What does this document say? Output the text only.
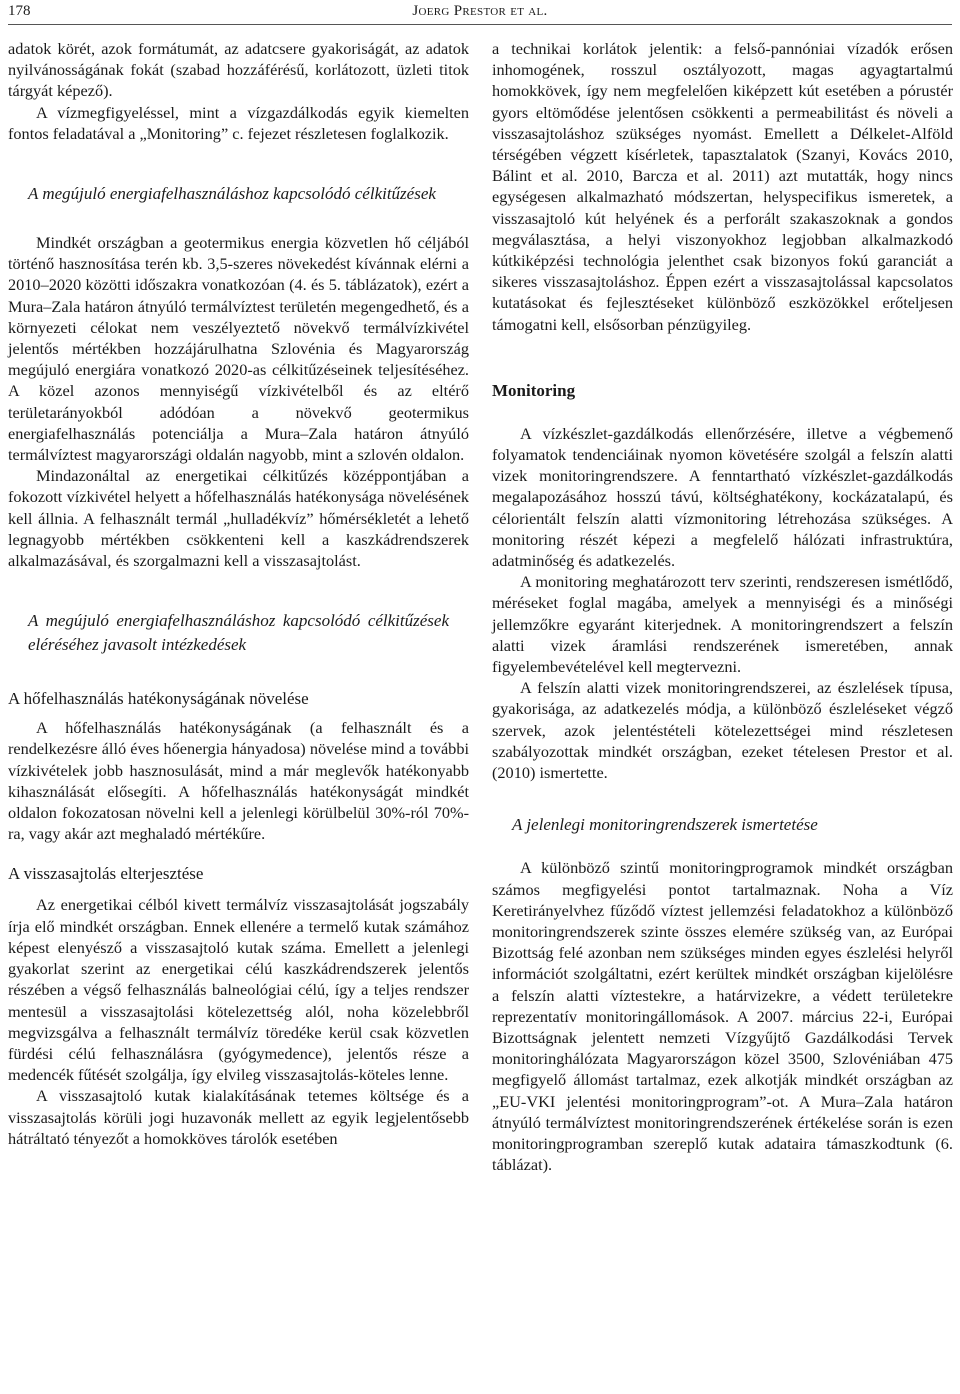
178	Joerg Prestor et al.

adatok körét, azok formátumát, az adatcsere gyakoriságát, az adatok nyilvánosságának fokát (szabad hozzáférésű, korlátozott, üzleti titok tárgyát képező).

A vízmegfigyeléssel, mint a vízgazdálkodás egyik kiemelten fontos feladatával a „Monitoring” c. fejezet részletesen foglalkozik.

A megújuló energiafelhasználáshoz kapcsolódó célkitűzések

Mindkét országban a geotermikus energia közvetlen hő céljából történő hasznosítása terén kb. 3,5-szeres növekedést kívánnak elérni a 2010–2020 közötti időszakra vonatkozóan (4. és 5. táblázatok), ezért a Mura–Zala határon átnyúló termálvíztest területén megengedhető, és a környezeti célokat nem veszélyeztető növekvő termálvízkivétel jelentős mértékben hozzájárulhatna Szlovénia és Magyarország megújuló energiára vonatkozó 2020-as célkitűzéseinek teljesítéséhez. A közel azonos mennyiségű vízkivételből és az eltérő területarányokból adódóan a növekvő geotermikus energiafelhasználás potenciálja a Mura–Zala határon átnyúló termálvíztest magyarországi oldalán nagyobb, mint a szlovén oldalon.

Mindazonáltal az energetikai célkitűzés középpontjában a fokozott vízkivétel helyett a hőfelhasználás hatékonysága növelésének kell állnia. A felhasznált termál „hulladékvíz” hőmérsékletét a lehető legnagyobb mértékben csökkenteni kell a kaszkádrendszerek alkalmazásával, és szorgalmazni kell a visszasajtolást.

A megújuló energiafelhasználáshoz kapcsolódó célkitűzések eléréséhez javasolt intézkedések

A hőfelhasználás hatékonyságának növelése

A hőfelhasználás hatékonyságának (a felhasznált és a rendelkezésre álló éves hőenergia hányadosa) növelése mind a további vízkivételek jobb hasznosulását, mind a már meglevők hatékonyabb kihasználását elősegíti. A hőfelhasználás hatékonyságát mindkét oldalon fokozatosan növelni kell a jelenlegi körülbelül 30%-ról 70%-ra, vagy akár azt meghaladó mértékűre.

A visszasajtolás elterjesztése

Az energetikai célból kivett termálvíz visszasajtolását jogszabály írja elő mindkét országban. Ennek ellenére a termelő kutak számához képest elenyésző a visszasajtoló kutak száma. Emellett a jelenlegi gyakorlat szerint az energetikai célú kaszkádrendszerek jelentős részében a végső felhasználás balneológiai célú, így a teljes rendszer mentesül a visszasajtolási kötelezettség alól, noha közelebbről megvizsgálva a felhasznált termálvíz töredéke kerül csak közvetlen fürdési célú felhasználásra (gyógymedence), jelentős része a medencék fűtését szolgálja, így elvileg visszasajtolás-köteles lenne.

A visszasajtoló kutak kialakításának tetemes költsége és a visszasajtolás körüli jogi huzavonák mellett az egyik legjelentősebb hátráltató tényezőt a homokköves tárolók esetében

a technikai korlátok jelentik: a felső-pannóniai vízadók erősen inhomogének, rosszul osztályozott, magas agyagtartalmú homokkövek, így nem megfelelően kiképzett kút esetében a pórustér gyors eltömődése jelentősen csökkenti a permeabilitást és növeli a visszasajtoláshoz szükséges nyomást. Emellett a Délkelet-Alföld térségében végzett kísérletek, tapasztalatok (Szanyi, Kovács 2010, Bálint et al. 2010, Barcza et al. 2011) azt mutatták, hogy nincs egységesen alkalmazható módszertan, helyspecifikus ismeretek, a visszasajtoló kút helyének és a perforált szakaszoknak a gondos megválasztása, a helyi viszonyokhoz legjobban alkalmazkodó kútkiképzési technológia jelenthet csak bizonyos fokú garanciát a sikeres visszasajtoláshoz. Éppen ezért a visszasajtolással kapcsolatos kutatásokat és fejlesztéseket különböző eszközökkel erőteljesen támogatni kell, elsősorban pénzügyileg.

Monitoring

A vízkészlet-gazdálkodás ellenőrzésére, illetve a végbemenő folyamatok tendenciáinak nyomon követésére szolgál a felszín alatti vizek monitoringrendszere. A fenntartható vízkészlet-gazdálkodás megalapozásához hosszú távú, költséghatékony, kockázatalapú, és célorientált felszín alatti vízmonitoring létrehozása szükséges. A monitoring részét képezi a megfelelő hálózati infrastruktúra, adatminőség és adatkezelés.

A monitoring meghatározott terv szerinti, rendszeresen ismétlődő, méréseket foglal magába, amelyek a mennyiségi és a minőségi jellemzőkre egyaránt kiterjednek. A monitoringrendszert a felszín alatti vizek áramlási rendszerének ismeretében, annak figyelembevételével kell megtervezni.

A felszín alatti vizek monitoringrendszerei, az észlelések típusa, gyakorisága, az adatkezelés módja, a különböző észleléseket végző szervek, azok jelentéstételi kötelezettségei mind részletesen szabályozottak mindkét országban, ezeket tételesen Prestor et al. (2010) ismertette.

A jelenlegi monitoringrendszerek ismertetése

A különböző szintű monitoringprogramok mindkét országban számos megfigyelési pontot tartalmaznak. Noha a Víz Keretirányelvhez fűződő víztest jellemzési feladatokhoz a különböző monitoringrendszerek szinte összes elemére szükség van, az Európai Bizottság felé azonban nem szükséges minden egyes észlelési helyről információt szolgáltatni, ezért kerültek mindkét országban kijelölésre a felszín alatti víztestekre, a határvizekre, a védett területekre reprezentatív monitoringállomások. A 2007. március 22-i, Európai Bizottságnak jelentett nemzeti Vízgyűjtő Gazdálkodási Tervek monitoringhálózata Magyarországon közel 3500, Szlovéniában 475 megfigyelő állomást tartalmaz, ezek alkotják mindkét országban az „EU-VKI jelentési monitoringprogram”-ot. A Mura–Zala határon átnyúló termálvíztest monitoringrendszerének értékelése során is ezen monitoringprogramban szereplő kutak adataira támaszkodtunk (6. táblázat).
